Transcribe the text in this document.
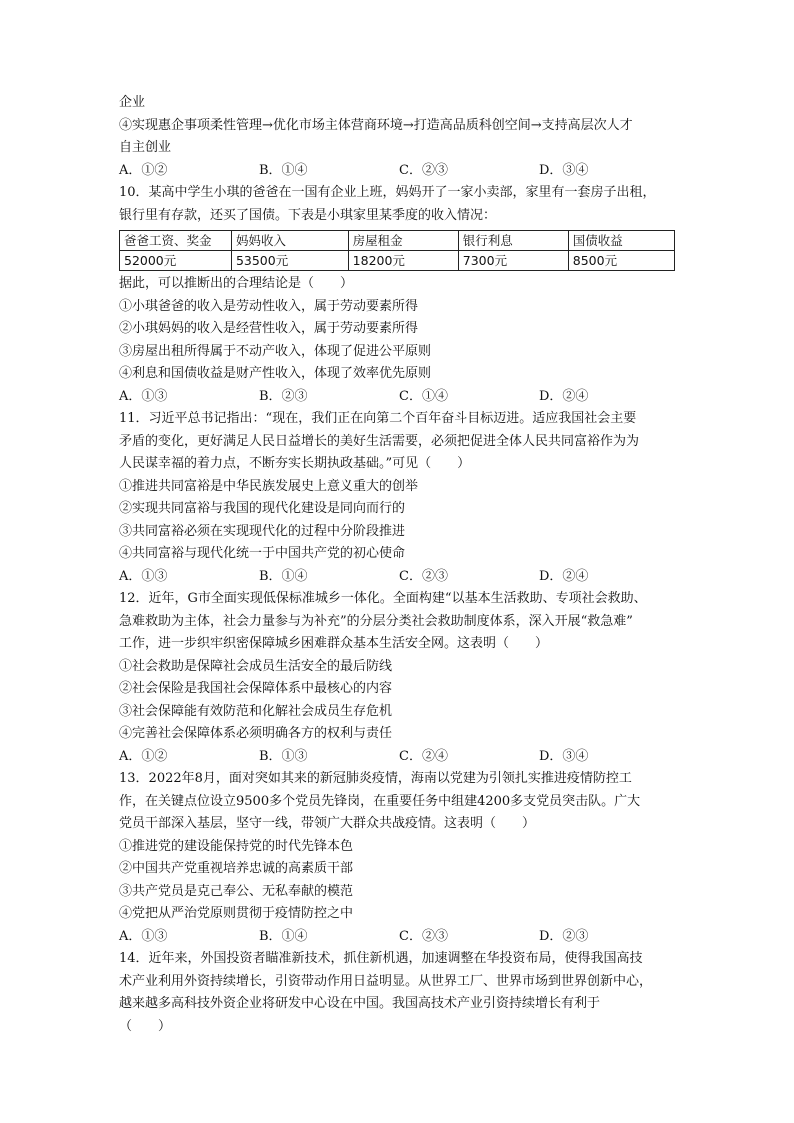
企业
④实现惠企事项柔性管理→优化市场主体营商环境→打造高品质科创空间→支持高层次人才
自主创业
A．①②	B．①④	C．②③	D．③④
10．某高中学生小琪的爸爸在一国有企业上班，妈妈开了一家小卖部，家里有一套房子出租，
银行里有存款，还买了国债。下表是小琪家里某季度的收入情况：
爸爸工资、奖金	妈妈收入	房屋租金	银行利息	国债收益
52000元	53500元	18200元	7300元	8500元
据此，可以推断出的合理结论是（　　）
①小琪爸爸的收入是劳动性收入，属于劳动要素所得
②小琪妈妈的收入是经营性收入，属于劳动要素所得
③房屋出租所得属于不动产收入，体现了促进公平原则
④利息和国债收益是财产性收入，体现了效率优先原则
A．①③	B．②③	C．①④	D．②④
11．习近平总书记指出：“现在，我们正在向第二个百年奋斗目标迈进。适应我国社会主要
矛盾的变化，更好满足人民日益增长的美好生活需要，必须把促进全体人民共同富裕作为为
人民谋幸福的着力点，不断夯实长期执政基础。”可见（　　）
①推进共同富裕是中华民族发展史上意义重大的创举
②实现共同富裕与我国的现代化建设是同向而行的
③共同富裕必须在实现现代化的过程中分阶段推进
④共同富裕与现代化统一于中国共产党的初心使命
A．①③	B．①④	C．②③	D．②④
12．近年，G市全面实现低保标准城乡一体化。全面构建“以基本生活救助、专项社会救助、
急难救助为主体，社会力量参与为补充”的分层分类社会救助制度体系，深入开展“救急难”
工作，进一步织牢织密保障城乡困难群众基本生活安全网。这表明（　　）
①社会救助是保障社会成员生活安全的最后防线
②社会保险是我国社会保障体系中最核心的内容
③社会保障能有效防范和化解社会成员生存危机
④完善社会保障体系必须明确各方的权利与责任
A．①②	B．①③	C．②④	D．③④
13．2022年8月，面对突如其来的新冠肺炎疫情，海南以党建为引领扎实推进疫情防控工
作，在关键点位设立9500多个党员先锋岗，在重要任务中组建4200多支党员突击队。广大
党员干部深入基层，坚守一线，带领广大群众共战疫情。这表明（　　）
①推进党的建设能保持党的时代先锋本色
②中国共产党重视培养忠诚的高素质干部
③共产党员是克己奉公、无私奉献的模范
④党把从严治党原则贯彻于疫情防控之中
A．①③	B．①④	C．②③	D．②③
14．近年来，外国投资者瞄准新技术，抓住新机遇，加速调整在华投资布局，使得我国高技
术产业利用外资持续增长，引资带动作用日益明显。从世界工厂、世界市场到世界创新中心，
越来越多高科技外资企业将研发中心设在中国。我国高技术产业引资持续增长有利于
（　　）
